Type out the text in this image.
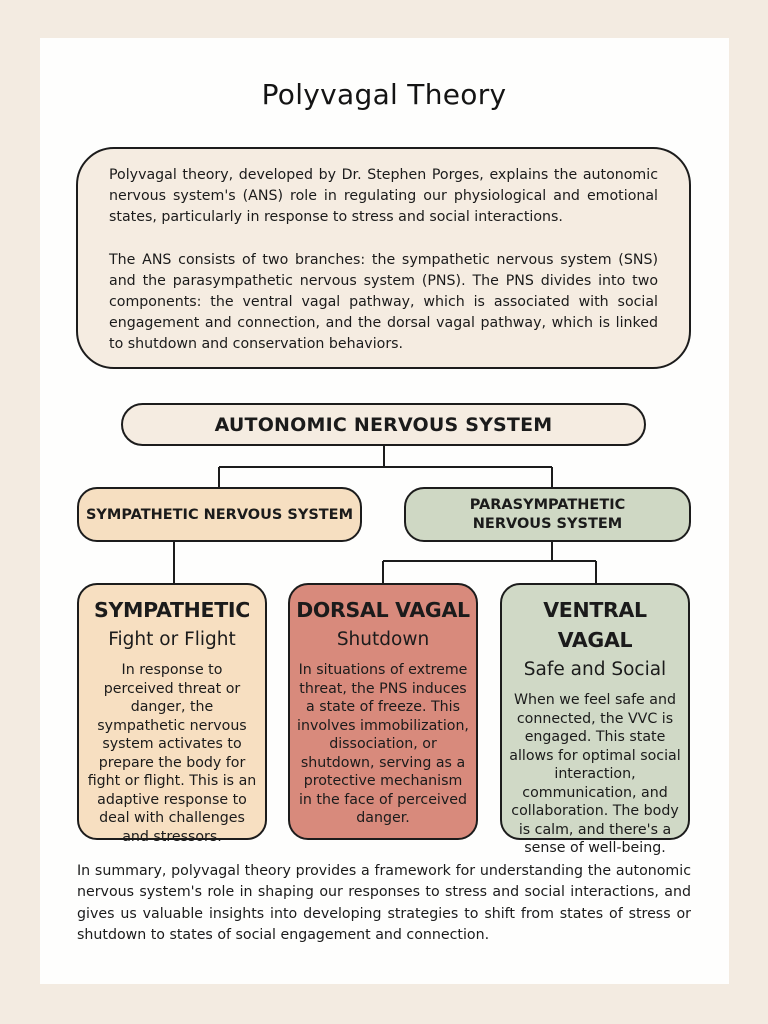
Polyvagal Theory

Polyvagal theory, developed by Dr. Stephen Porges, explains the autonomic nervous system's (ANS) role in regulating our physiological and emotional states, particularly in response to stress and social interactions.

The ANS consists of two branches: the sympathetic nervous system (SNS) and the parasympathetic nervous system (PNS). The PNS divides into two components: the ventral vagal pathway, which is associated with social engagement and connection, and the dorsal vagal pathway, which is linked to shutdown and conservation behaviors.

AUTONOMIC NERVOUS SYSTEM
SYMPATHETIC NERVOUS SYSTEM
PARASYMPATHETIC NERVOUS SYSTEM
SYMPATHETIC
Fight or Flight
In response to perceived threat or danger, the sympathetic nervous system activates to prepare the body for fight or flight. This is an adaptive response to deal with challenges and stressors.
DORSAL VAGAL
Shutdown
In situations of extreme threat, the PNS induces a state of freeze. This involves immobilization, dissociation, or shutdown, serving as a protective mechanism in the face of perceived danger.
VENTRAL VAGAL
Safe and Social
When we feel safe and connected, the VVC is engaged. This state allows for optimal social interaction, communication, and collaboration. The body is calm, and there's a sense of well-being.
In summary, polyvagal theory provides a framework for understanding the autonomic nervous system's role in shaping our responses to stress and social interactions, and gives us valuable insights into developing strategies to shift from states of stress or shutdown to states of social engagement and connection.
